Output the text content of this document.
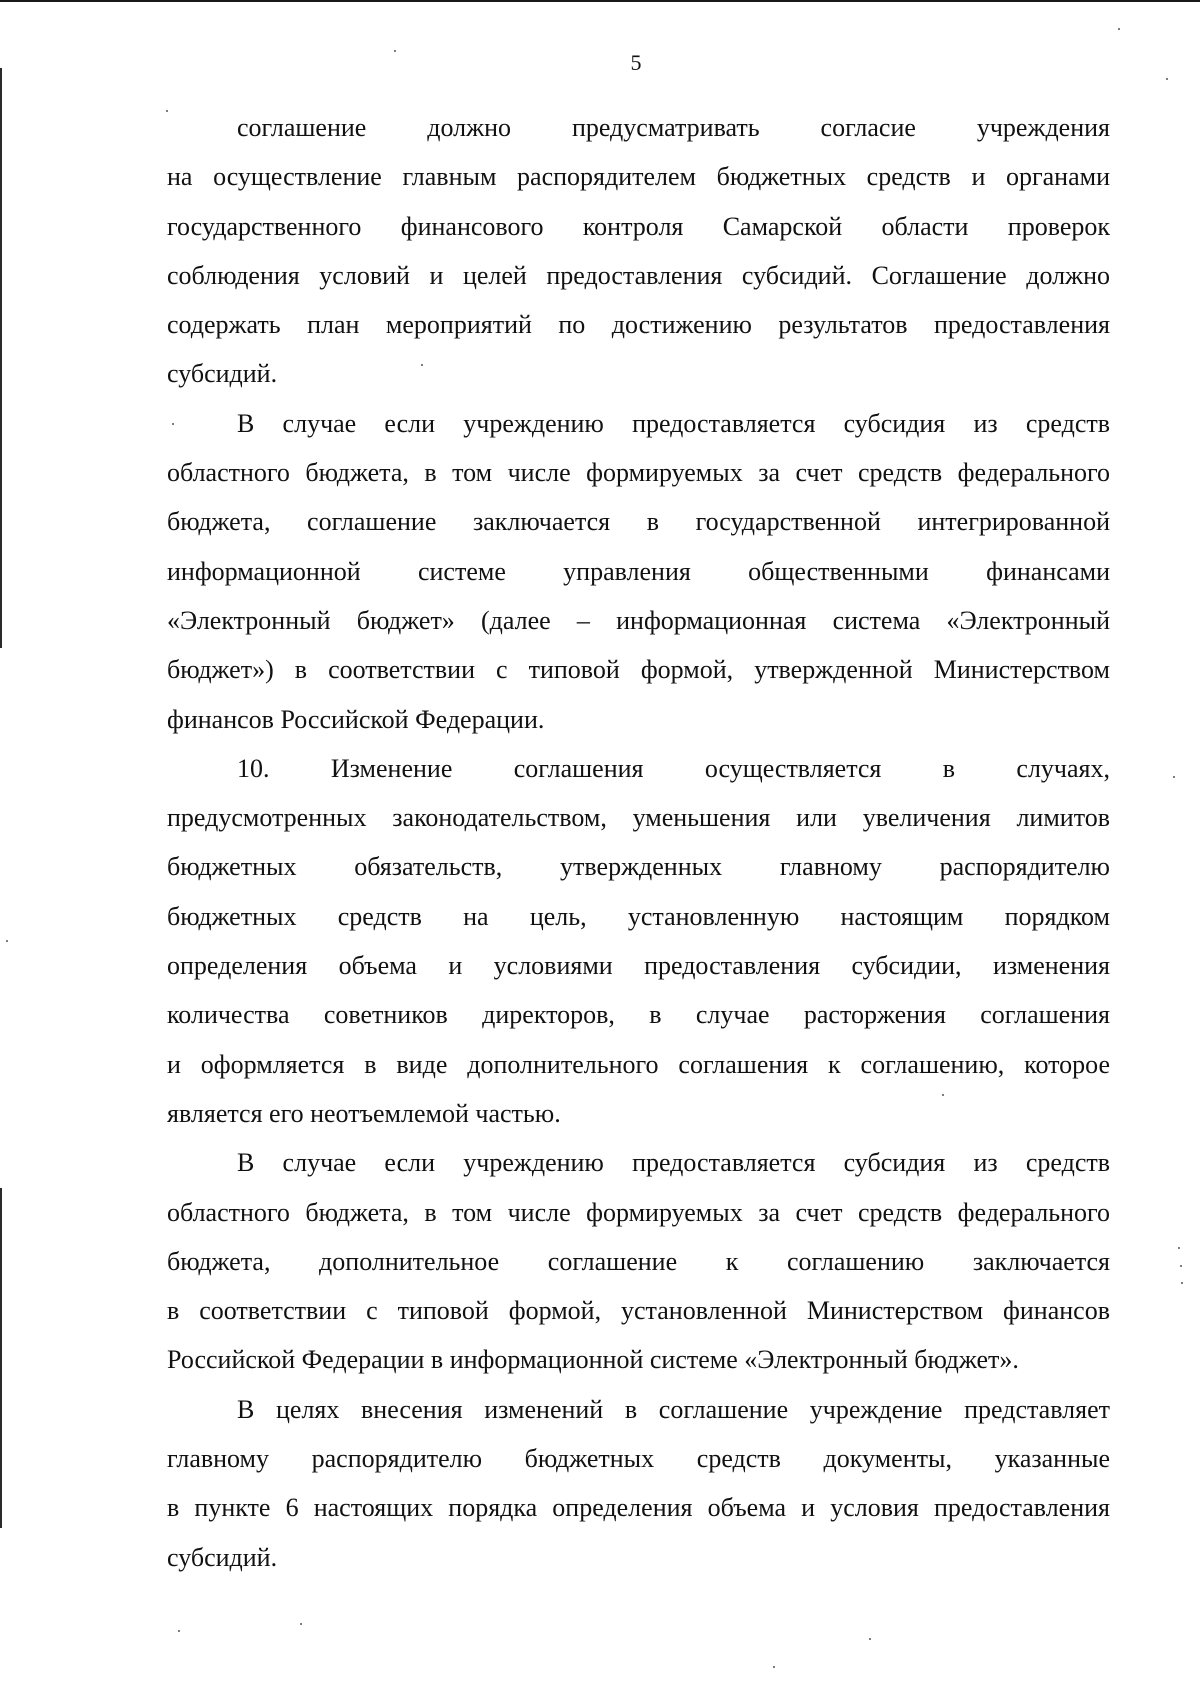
5

соглашение должно предусматривать согласие учреждения
на осуществление главным распорядителем бюджетных средств и органами
государственного финансового контроля Самарской области проверок
соблюдения условий и целей предоставления субсидий. Соглашение должно
содержать план мероприятий по достижению результатов предоставления
субсидий.

В случае если учреждению предоставляется субсидия из средств
областного бюджета, в том числе формируемых за счет средств федерального
бюджета, соглашение заключается в государственной интегрированной
информационной системе управления общественными финансами
«Электронный бюджет» (далее – информационная система «Электронный
бюджет») в соответствии с типовой формой, утвержденной Министерством
финансов Российской Федерации.

10. Изменение соглашения осуществляется в случаях,
предусмотренных законодательством, уменьшения или увеличения лимитов
бюджетных обязательств, утвержденных главному распорядителю
бюджетных средств на цель, установленную настоящим порядком
определения объема и условиями предоставления субсидии, изменения
количества советников директоров, в случае расторжения соглашения
и оформляется в виде дополнительного соглашения к соглашению, которое
является его неотъемлемой частью.

В случае если учреждению предоставляется субсидия из средств
областного бюджета, в том числе формируемых за счет средств федерального
бюджета, дополнительное соглашение к соглашению заключается
в соответствии с типовой формой, установленной Министерством финансов
Российской Федерации в информационной системе «Электронный бюджет».

В целях внесения изменений в соглашение учреждение представляет
главному распорядителю бюджетных средств документы, указанные
в пункте 6 настоящих порядка определения объема и условия предоставления
субсидий.
